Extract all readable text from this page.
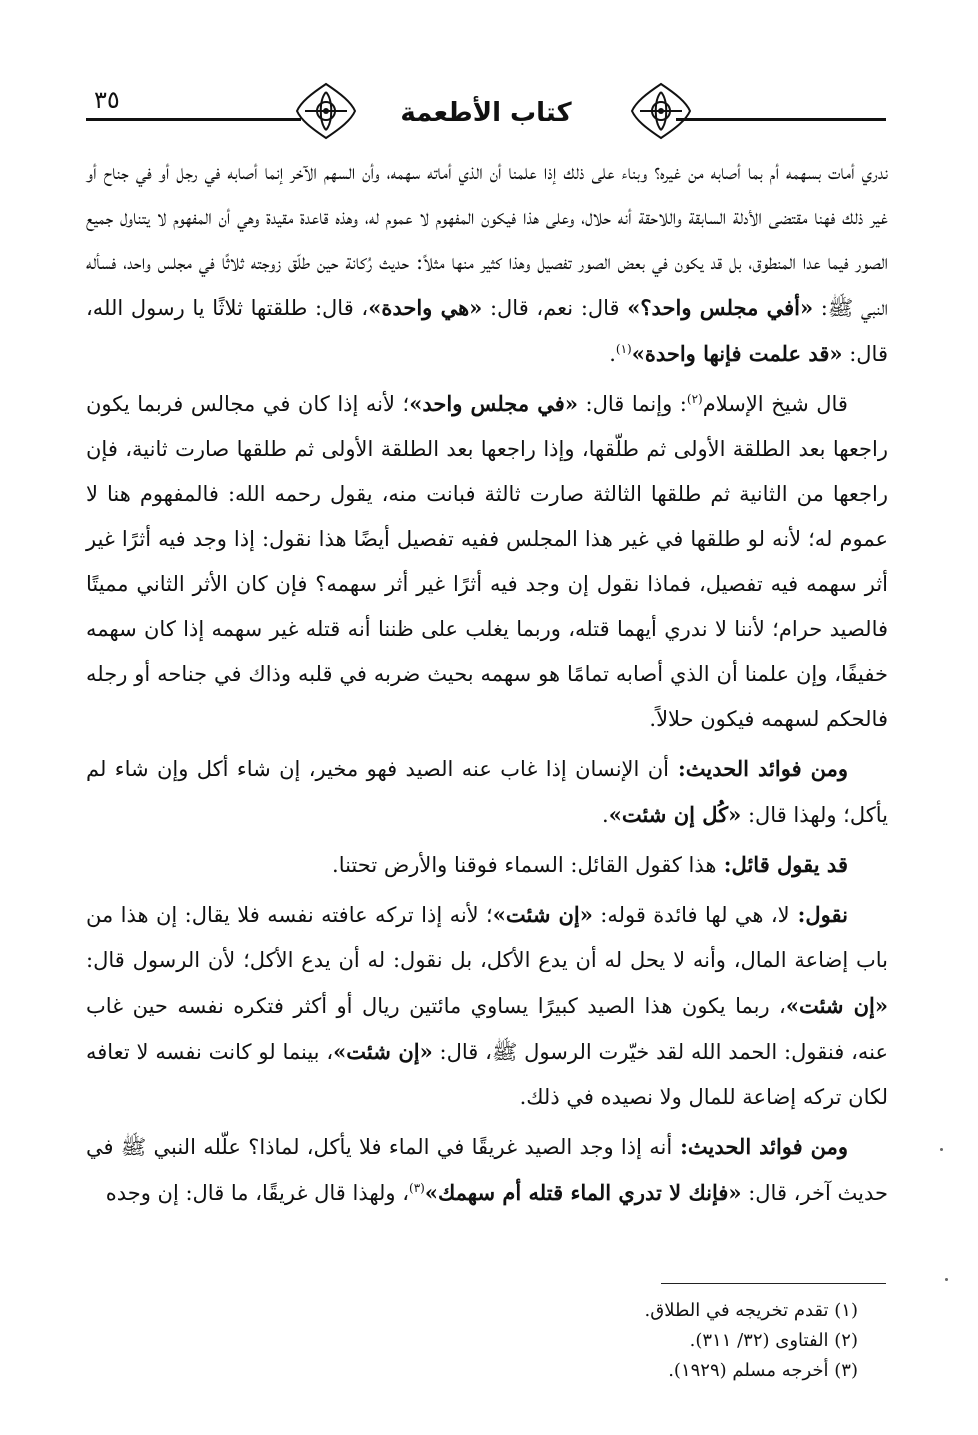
٣٥	كتاب الأطعمة

ندري أمات بسهمه أم بما أصابه من غيره؟ وبناء على ذلك إذا علمنا أن الذي أماته سهمه، وأن السهم الآخر إنما أصابه في رجل أو في جناح أو غير ذلك فهنا مقتضى الأدلة السابقة واللاحقة أنه حلال، وعلى هذا فيكون المفهوم لا عموم له، وهذه قاعدة مقيدة وهي أن المفهوم لا يتناول جميع الصور فيما عدا المنطوق، بل قد يكون في بعض الصور تفصيل وهذا كثير منها مثلاً: حديث رُكانة حين طلّق زوجته ثلاثًا في مجلس واحد، فسأله النبي ﷺ: «أفي مجلس واحد؟» قال: نعم، قال: «هي واحدة»، قال: طلقتها ثلاثًا يا رسول الله، قال: «قد علمت فإنها واحدة»$^{(١)}$.

قال شيخ الإسلام$^{(٢)}$: وإنما قال: «في مجلس واحد»؛ لأنه إذا كان في مجالس فربما يكون راجعها بعد الطلقة الأولى ثم طلّقها، وإذا راجعها بعد الطلقة الأولى ثم طلقها صارت ثانية، فإن راجعها من الثانية ثم طلقها الثالثة صارت ثالثة فبانت منه، يقول رحمه الله: فالمفهوم هنا لا عموم له؛ لأنه لو طلقها في غير هذا المجلس ففيه تفصيل أيضًا هذا نقول: إذا وجد فيه أثرًا غير أثر سهمه فيه تفصيل، فماذا نقول إن وجد فيه أثرًا غير أثر سهمه؟ فإن كان الأثر الثاني مميتًا فالصيد حرام؛ لأننا لا ندري أيهما قتله، وربما يغلب على ظننا أنه قتله غير سهمه إذا كان سهمه خفيفًا، وإن علمنا أن الذي أصابه تمامًا هو سهمه بحيث ضربه في قلبه وذاك في جناحه أو رجله فالحكم لسهمه فيكون حلالاً.

ومن فوائد الحديث: أن الإنسان إذا غاب عنه الصيد فهو مخير، إن شاء أكل وإن شاء لم يأكل؛ ولهذا قال: «كُل إن شئت».

قد يقول قائل: هذا كقول القائل: السماء فوقنا والأرض تحتنا.

نقول: لا، هي لها فائدة قوله: «إن شئت»؛ لأنه إذا تركه عافته نفسه فلا يقال: إن هذا من باب إضاعة المال، وأنه لا يحل له أن يدع الأكل، بل نقول: له أن يدع الأكل؛ لأن الرسول قال: «إن شئت»، ربما يكون هذا الصيد كبيرًا يساوي مائتين ريال أو أكثر فتكره نفسه حين غاب عنه، فنقول: الحمد الله لقد خيّرت الرسول ﷺ، قال: «إن شئت»، بينما لو كانت نفسه لا تعافه لكان تركه إضاعة للمال ولا نصيده في ذلك.

ومن فوائد الحديث: أنه إذا وجد الصيد غريقًا في الماء فلا يأكل، لماذا؟ علّله النبي ﷺ في حديث آخر، قال: «فإنك لا تدري الماء قتله أم سهمك»$^{(٣)}$، ولهذا قال غريقًا، ما قال: إن وجده

(١) تقدم تخريجه في الطلاق.
(٢) الفتاوى (٣٢/ ٣١١).
(٣) أخرجه مسلم (١٩٢٩).
